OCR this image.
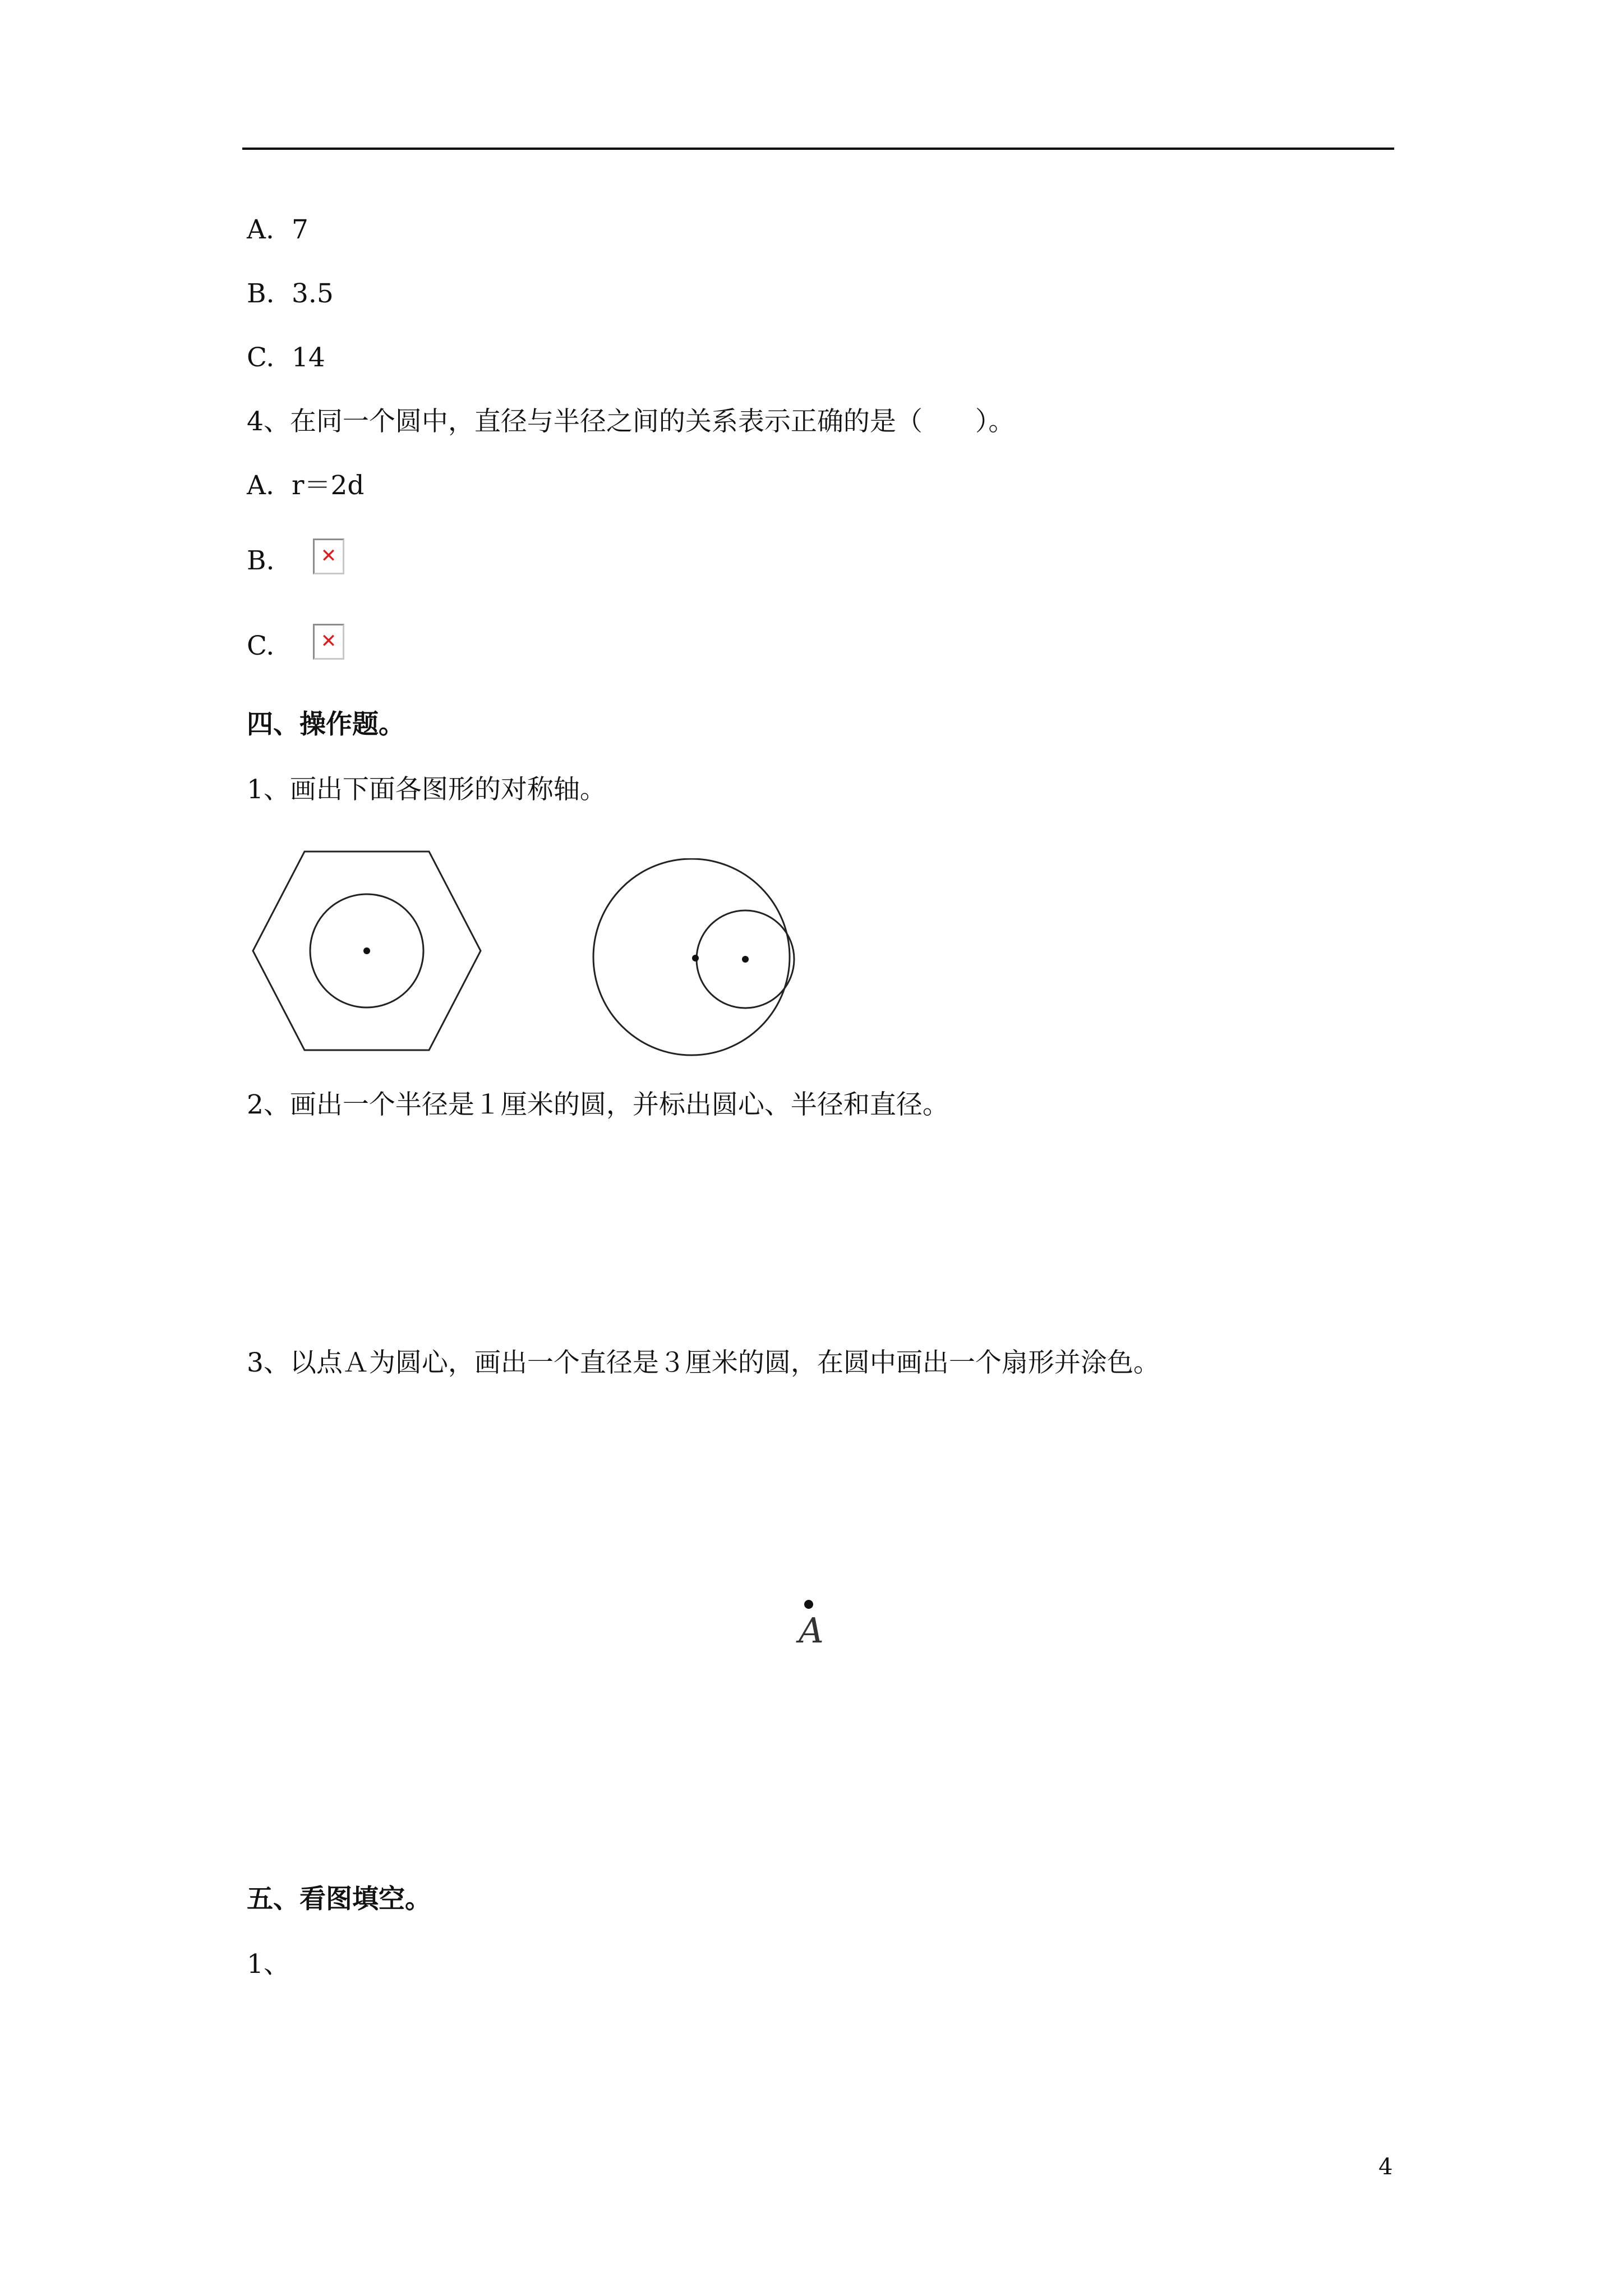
A. 7
B. 3.5
C. 14
4、在同一个圆中，直径与半径之间的关系表示正确的是（　　）。
A. r＝2d
B.	✕
C.	✕
四、操作题。
1、画出下面各图形的对称轴。
2、画出一个半径是１厘米的圆，并标出圆心、半径和直径。
3、以点Ａ为圆心，画出一个直径是３厘米的圆，在圆中画出一个扇形并涂色。
A
五、看图填空。
1、
4
